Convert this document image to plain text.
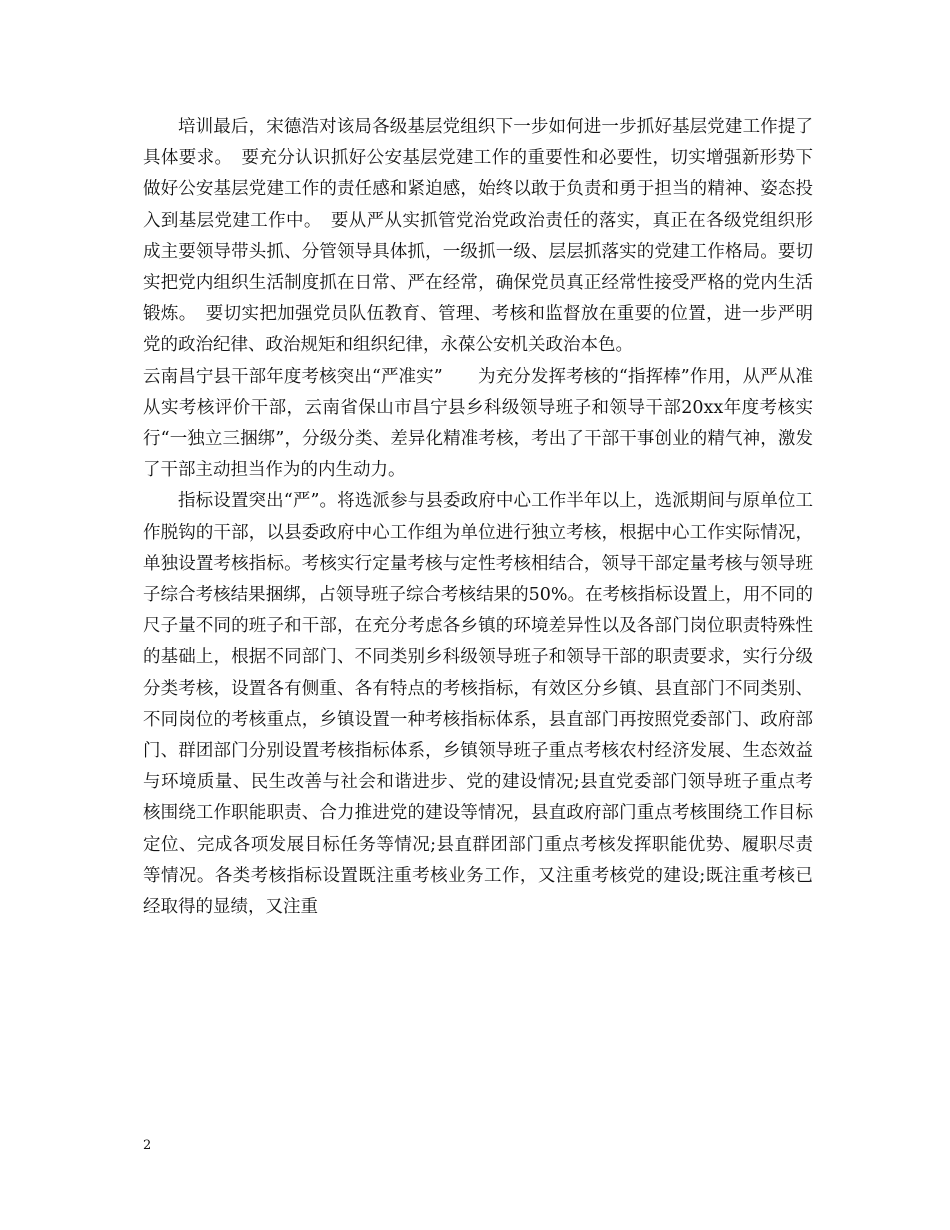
培训最后，宋德浩对该局各级基层党组织下一步如何进一步抓好基层党建工作提了具体要求。　要充分认识抓好公安基层党建工作的重要性和必要性，切实增强新形势下做好公安基层党建工作的责任感和紧迫感，始终以敢于负责和勇于担当的精神、姿态投入到基层党建工作中。　要从严从实抓管党治党政治责任的落实，真正在各级党组织形成主要领导带头抓、分管领导具体抓，一级抓一级、层层抓落实的党建工作格局。要切实把党内组织生活制度抓在日常、严在经常，确保党员真正经常性接受严格的党内生活锻炼。　要切实把加强党员队伍教育、管理、考核和监督放在重要的位置，进一步严明党的政治纪律、政治规矩和组织纪律，永葆公安机关政治本色。

云南昌宁县干部年度考核突出“严准实”　　为充分发挥考核的“指挥棒”作用，从严从准从实考核评价干部，云南省保山市昌宁县乡科级领导班子和领导干部20xx年度考核实行“一独立三捆绑”，分级分类、差异化精准考核，考出了干部干事创业的精气神，激发了干部主动担当作为的内生动力。

指标设置突出“严”。将选派参与县委政府中心工作半年以上，选派期间与原单位工作脱钩的干部，以县委政府中心工作组为单位进行独立考核，根据中心工作实际情况，单独设置考核指标。考核实行定量考核与定性考核相结合，领导干部定量考核与领导班子综合考核结果捆绑，占领导班子综合考核结果的50%。在考核指标设置上，用不同的尺子量不同的班子和干部，在充分考虑各乡镇的环境差异性以及各部门岗位职责特殊性的基础上，根据不同部门、不同类别乡科级领导班子和领导干部的职责要求，实行分级分类考核，设置各有侧重、各有特点的考核指标，有效区分乡镇、县直部门不同类别、不同岗位的考核重点，乡镇设置一种考核指标体系，县直部门再按照党委部门、政府部门、群团部门分别设置考核指标体系，乡镇领导班子重点考核农村经济发展、生态效益与环境质量、民生改善与社会和谐进步、党的建设情况;县直党委部门领导班子重点考核围绕工作职能职责、合力推进党的建设等情况，县直政府部门重点考核围绕工作目标定位、完成各项发展目标任务等情况;县直群团部门重点考核发挥职能优势、履职尽责等情况。各类考核指标设置既注重考核业务工作，又注重考核党的建设;既注重考核已经取得的显绩，又注重

2
